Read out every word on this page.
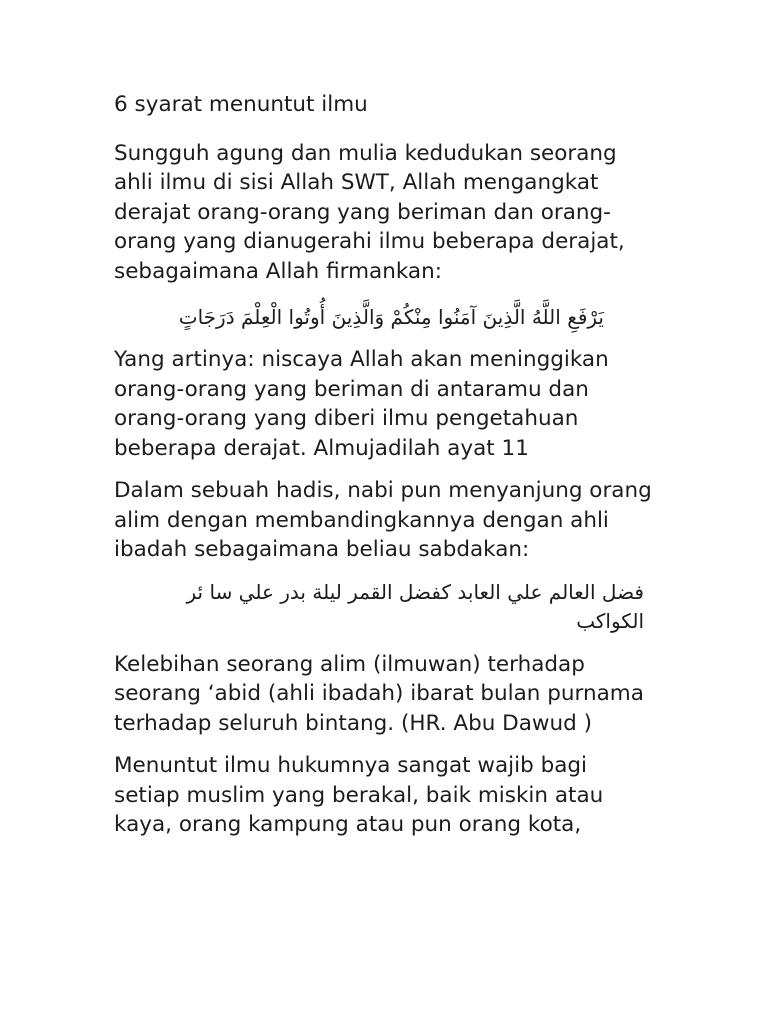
6 syarat menuntut ilmu
Sungguh agung dan mulia kedudukan seorang ahli ilmu di sisi Allah SWT, Allah mengangkat derajat orang-orang yang beriman dan orang-orang yang dianugerahi ilmu beberapa derajat, sebagaimana Allah firmankan:
يَرْفَعِ اللَّهُ الَّذِينَ آمَنُوا مِنْكُمْ وَالَّذِينَ أُوتُوا الْعِلْمَ دَرَجَاتٍ
Yang artinya: niscaya Allah akan meninggikan orang-orang yang beriman di antaramu dan orang-orang yang diberi ilmu pengetahuan beberapa derajat. Almujadilah ayat 11
Dalam sebuah hadis, nabi pun menyanjung orang alim dengan membandingkannya dengan ahli ibadah sebagaimana beliau sabdakan:
فضل العالم علي العابد كفضل القمر ليلة بدر علي سا ئر الكواكب
Kelebihan seorang alim (ilmuwan) terhadap seorang ‘abid (ahli ibadah) ibarat bulan purnama terhadap seluruh bintang. (HR. Abu Dawud )
Menuntut ilmu hukumnya sangat wajib bagi setiap muslim yang berakal, baik miskin atau kaya, orang kampung atau pun orang kota,
